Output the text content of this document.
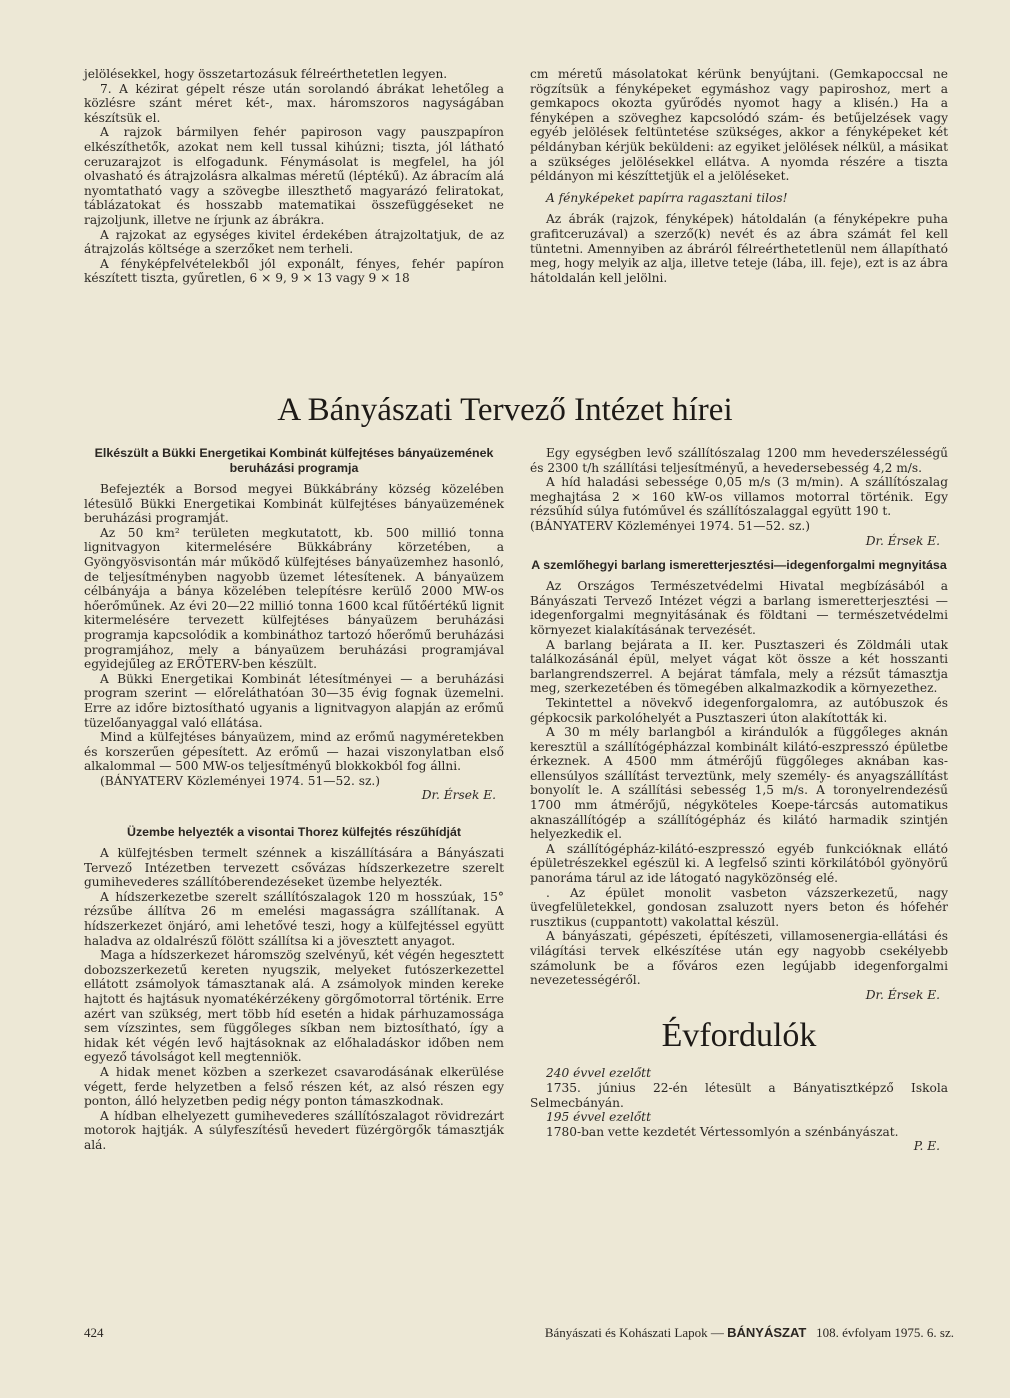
jelölésekkel, hogy összetartozásuk félreérthetetlen legyen.

7. A kézirat gépelt része után sorolandó ábrákat lehetőleg a közlésre szánt méret két-, max. háromszoros nagyságában készítsük el.

A rajzok bármilyen fehér papiroson vagy pauszpapíron elkészíthetők, azokat nem kell tussal kihúzni; tiszta, jól látható ceruzarajzot is elfogadunk. Fénymásolat is megfelel, ha jól olvasható és átrajzolásra alkalmas méretű (léptékű). Az ábracím alá nyomtatható vagy a szövegbe illeszthető magyarázó feliratokat, táblázatokat és hosszabb matematikai összefüggéseket ne rajzoljunk, illetve ne írjunk az ábrákra.

A rajzokat az egységes kivitel érdekében átrajzoltatjuk, de az átrajzolás költsége a szerzőket nem terheli.

A fényképfelvételekből jól exponált, fényes, fehér papíron készített tiszta, gyűretlen, 6 × 9, 9 × 13 vagy 9 × 18

cm méretű másolatokat kérünk benyújtani. (Gemkapoccsal ne rögzítsük a fényképeket egymáshoz vagy papiroshoz, mert a gemkapocs okozta gyűrődés nyomot hagy a klisén.) Ha a fényképen a szöveghez kapcsolódó szám- és betűjelzések vagy egyéb jelölések feltüntetése szükséges, akkor a fényképeket két példányban kérjük beküldeni: az egyiket jelölések nélkül, a másikat a szükséges jelölésekkel ellátva. A nyomda részére a tiszta példányon mi készíttetjük el a jelöléseket.

A fényképeket papírra ragasztani tilos!

Az ábrák (rajzok, fényképek) hátoldalán (a fényképekre puha grafitceruzával) a szerző(k) nevét és az ábra számát fel kell tüntetni. Amennyiben az ábráról félreérthetetlenül nem állapítható meg, hogy melyik az alja, illetve teteje (lába, ill. feje), ezt is az ábra hátoldalán kell jelölni.

A Bányászati Tervező Intézet hírei
Elkészült a Bükki Energetikai Kombinát külfejtéses bányaüzemének beruházási programja

Befejezték a Borsod megyei Bükkábrány község közelében létesülő Bükki Energetikai Kombinát külfejtéses bányaüzemének beruházási programját.

Az 50 km² területen megkutatott, kb. 500 millió tonna lignitvagyon kitermelésére Bükkábrány körzetében, a Gyöngyösvisontán már működő külfejtéses bányaüzemhez hasonló, de teljesítményben nagyobb üzemet létesítenek. A bányaüzem célbányája a bánya közelében telepítésre kerülő 2000 MW-os hőerőműnek. Az évi 20—22 millió tonna 1600 kcal fűtőértékű lignit kitermelésére tervezett külfejtéses bányaüzem beruházási programja kapcsolódik a kombináthoz tartozó hőerőmű beruházási programjához, mely a bányaüzem beruházási programjával egyidejűleg az ERŐTERV-ben készült.

A Bükki Energetikai Kombinát létesítményei — a beruházási program szerint — előreláthatóan 30—35 évig fognak üzemelni. Erre az időre biztosítható ugyanis a lignitvagyon alapján az erőmű tüzelőanyaggal való ellátása.

Mind a külfejtéses bányaüzem, mind az erőmű nagyméretekben és korszerűen gépesített. Az erőmű — hazai viszonylatban első alkalommal — 500 MW-os teljesítményű blokkokból fog állni.

(BÁNYATERV Közleményei 1974. 51—52. sz.)

Dr. Érsek E.

Üzembe helyezték a visontai Thorez külfejtés részűhídját

A külfejtésben termelt szénnek a kiszállítására a Bányászati Tervező Intézetben tervezett csővázas hídszerkezetre szerelt gumihevederes szállítóberendezéseket üzembe helyezték.

A hídszerkezetbe szerelt szállítószalagok 120 m hosszúak, 15° rézsűbe állítva 26 m emelési magasságra szállítanak. A hídszerkezet önjáró, ami lehetővé teszi, hogy a külfejtéssel együtt haladva az oldalrészű fölött szállítsa ki a jövesztett anyagot.

Maga a hídszerkezet háromszög szelvényű, két végén hegesztett dobozszerkezetű kereten nyugszik, melyeket futószerkezettel ellátott zsámolyok támasztanak alá. A zsámolyok minden kereke hajtott és hajtásuk nyomatékérzékeny görgőmotorral történik. Erre azért van szükség, mert több híd esetén a hidak párhuzamossága sem vízszintes, sem függőleges síkban nem biztosítható, így a hidak két végén levő hajtásoknak az előhaladáskor időben nem egyező távolságot kell megtenniök.

A hidak menet közben a szerkezet csavarodásának elkerülése végett, ferde helyzetben a felső részen két, az alsó részen egy ponton, álló helyzetben pedig négy ponton támaszkodnak.

A hídban elhelyezett gumihevederes szállítószalagot rövidrezárt motorok hajtják. A súlyfeszítésű hevedert füzérgörgők támasztják alá.

Egy egységben levő szállítószalag 1200 mm hevederszélességű és 2300 t/h szállítási teljesítményű, a hevedersebesség 4,2 m/s.

A híd haladási sebessége 0,05 m/s (3 m/min). A szállítószalag meghajtása 2 × 160 kW-os villamos motorral történik. Egy rézsűhíd súlya futóművel és szállítószalaggal együtt 190 t.

(BÁNYATERV Közleményei 1974. 51—52. sz.)

Dr. Érsek E.

A szemlőhegyi barlang ismeretterjesztési—idegenforgalmi megnyitása

Az Országos Természetvédelmi Hivatal megbízásából a Bányászati Tervező Intézet végzi a barlang ismeretterjesztési — idegenforgalmi megnyitásának és földtani — természetvédelmi környezet kialakításának tervezését.

A barlang bejárata a II. ker. Pusztaszeri és Zöldmáli utak találkozásánál épül, melyet vágat köt össze a két hosszanti barlangrendszerrel. A bejárat támfala, mely a rézsűt támasztja meg, szerkezetében és tömegében alkalmazkodik a környezethez.

Tekintettel a növekvő idegenforgalomra, az autóbuszok és gépkocsik parkolóhelyét a Pusztaszeri úton alakították ki.

A 30 m mély barlangból a kirándulók a függőleges aknán keresztül a szállítógépházzal kombinált kilátó-eszpresszó épületbe érkeznek. A 4500 mm átmérőjű függőleges aknában kas-ellensúlyos szállítást terveztünk, mely személy- és anyagszállítást bonyolít le. A szállítási sebesség 1,5 m/s. A toronyelrendezésű 1700 mm átmérőjű, négyköteles Koepe-tárcsás automatikus aknaszállítógép a szállítógépház és kilátó harmadik szintjén helyezkedik el.

A szállítógépház-kilátó-eszpresszó egyéb funkcióknak ellátó épületrészekkel egészül ki. A legfelső szinti körkilátóból gyönyörű panoráma tárul az ide látogató nagyközönség elé.

. Az épület monolit vasbeton vázszerkezetű, nagy üvegfelületekkel, gondosan zsaluzott nyers beton és hófehér rusztikus (cuppantott) vakolattal készül.

A bányászati, gépészeti, építészeti, villamosenergia-ellátási és világítási tervek elkészítése után egy nagyobb csekélyebb számolunk be a főváros ezen legújabb idegenforgalmi nevezetességéről.

Dr. Érsek E.

Évfordulók

240 évvel ezelőtt

1735. június 22-én létesült a Bányatisztképző Iskola Selmecbányán.

195 évvel ezelőtt

1780-ban vette kezdetét Vértessomlyón a szénbányászat.

P. E.

424	Bányászati és Kohászati Lapok — BÁNYÁSZAT 108. évfolyam 1975. 6. sz.
